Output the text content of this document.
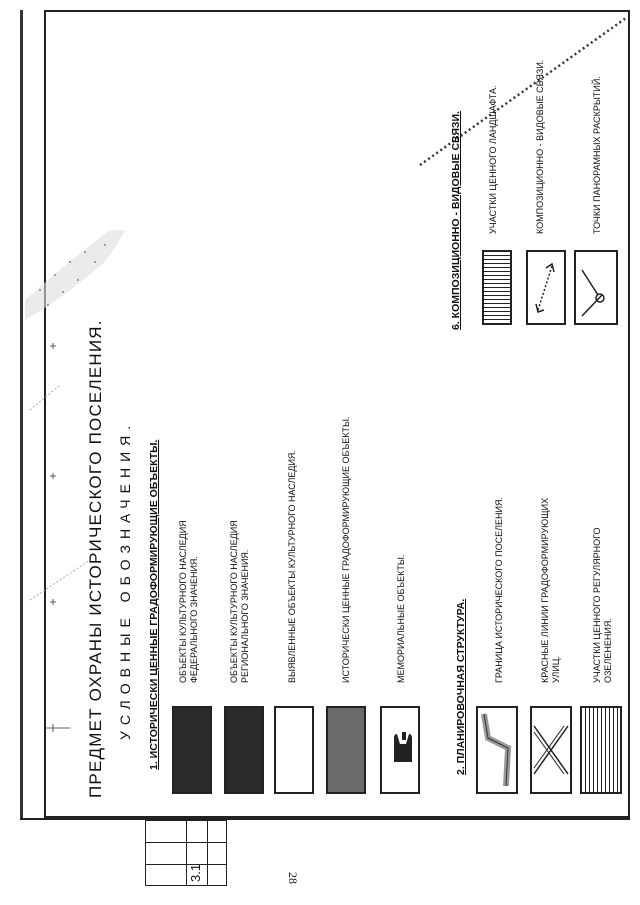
ПРЕДМЕТ ОХРАНЫ ИСТОРИЧЕСКОГО ПОСЕЛЕНИЯ. УСЛОВНЫЕ ОБОЗНАЧЕНИЯ. 1. ИСТОРИЧЕСКИ ЦЕННЫЕ ГРАДОФОРМИРУЮЩИЕ ОБЪЕКТЫ. ОБЪЕКТЫ КУЛЬТУРНОГО НАСЛЕДИЯ ФЕДЕРАЛЬНОГО ЗНАЧЕНИЯ.	ОБЪЕКТЫ КУЛЬТУРНОГО НАСЛЕДИЯ РЕГИОНАЛЬНОГО ЗНАЧЕНИЯ.	ВЫЯВЛЕННЫЕ ОБЪЕКТЫ КУЛЬТУРНОГО НАСЛЕДИЯ.	ИСТОРИЧЕСКИ ЦЕННЫЕ ГРАДОФОРМИРУЮЩИЕ ОБЪЕКТЫ.	МЕМОРИАЛЬНЫЕ ОБЪЕКТЫ.	2. ПЛАНИРОВОЧНАЯ СТРУКТУРА.
ГРАНИЦА ИСТОРИЧЕСКОГО ПОСЕЛЕНИЯ.	КРАСНЫЕ ЛИНИИ ГРАДОФОРМИРУЮЩИХ УЛИЦ.	УЧАСТКИ ЦЕННОГО РЕГУЛЯРНОГО ОЗЕЛЕНЕНИЯ.
6. КОМПОЗИЦИОННО - ВИДОВЫЕ СВЯЗИ.	УЧАСТКИ ЦЕННОГО ЛАНДШАФТА.	КОМПОЗИЦИОННО - ВИДОВЫЕ СВЯЗИ.	ТОЧКИ ПАНОРАМНЫХ РАСКРЫТИЙ.
3.1	28
